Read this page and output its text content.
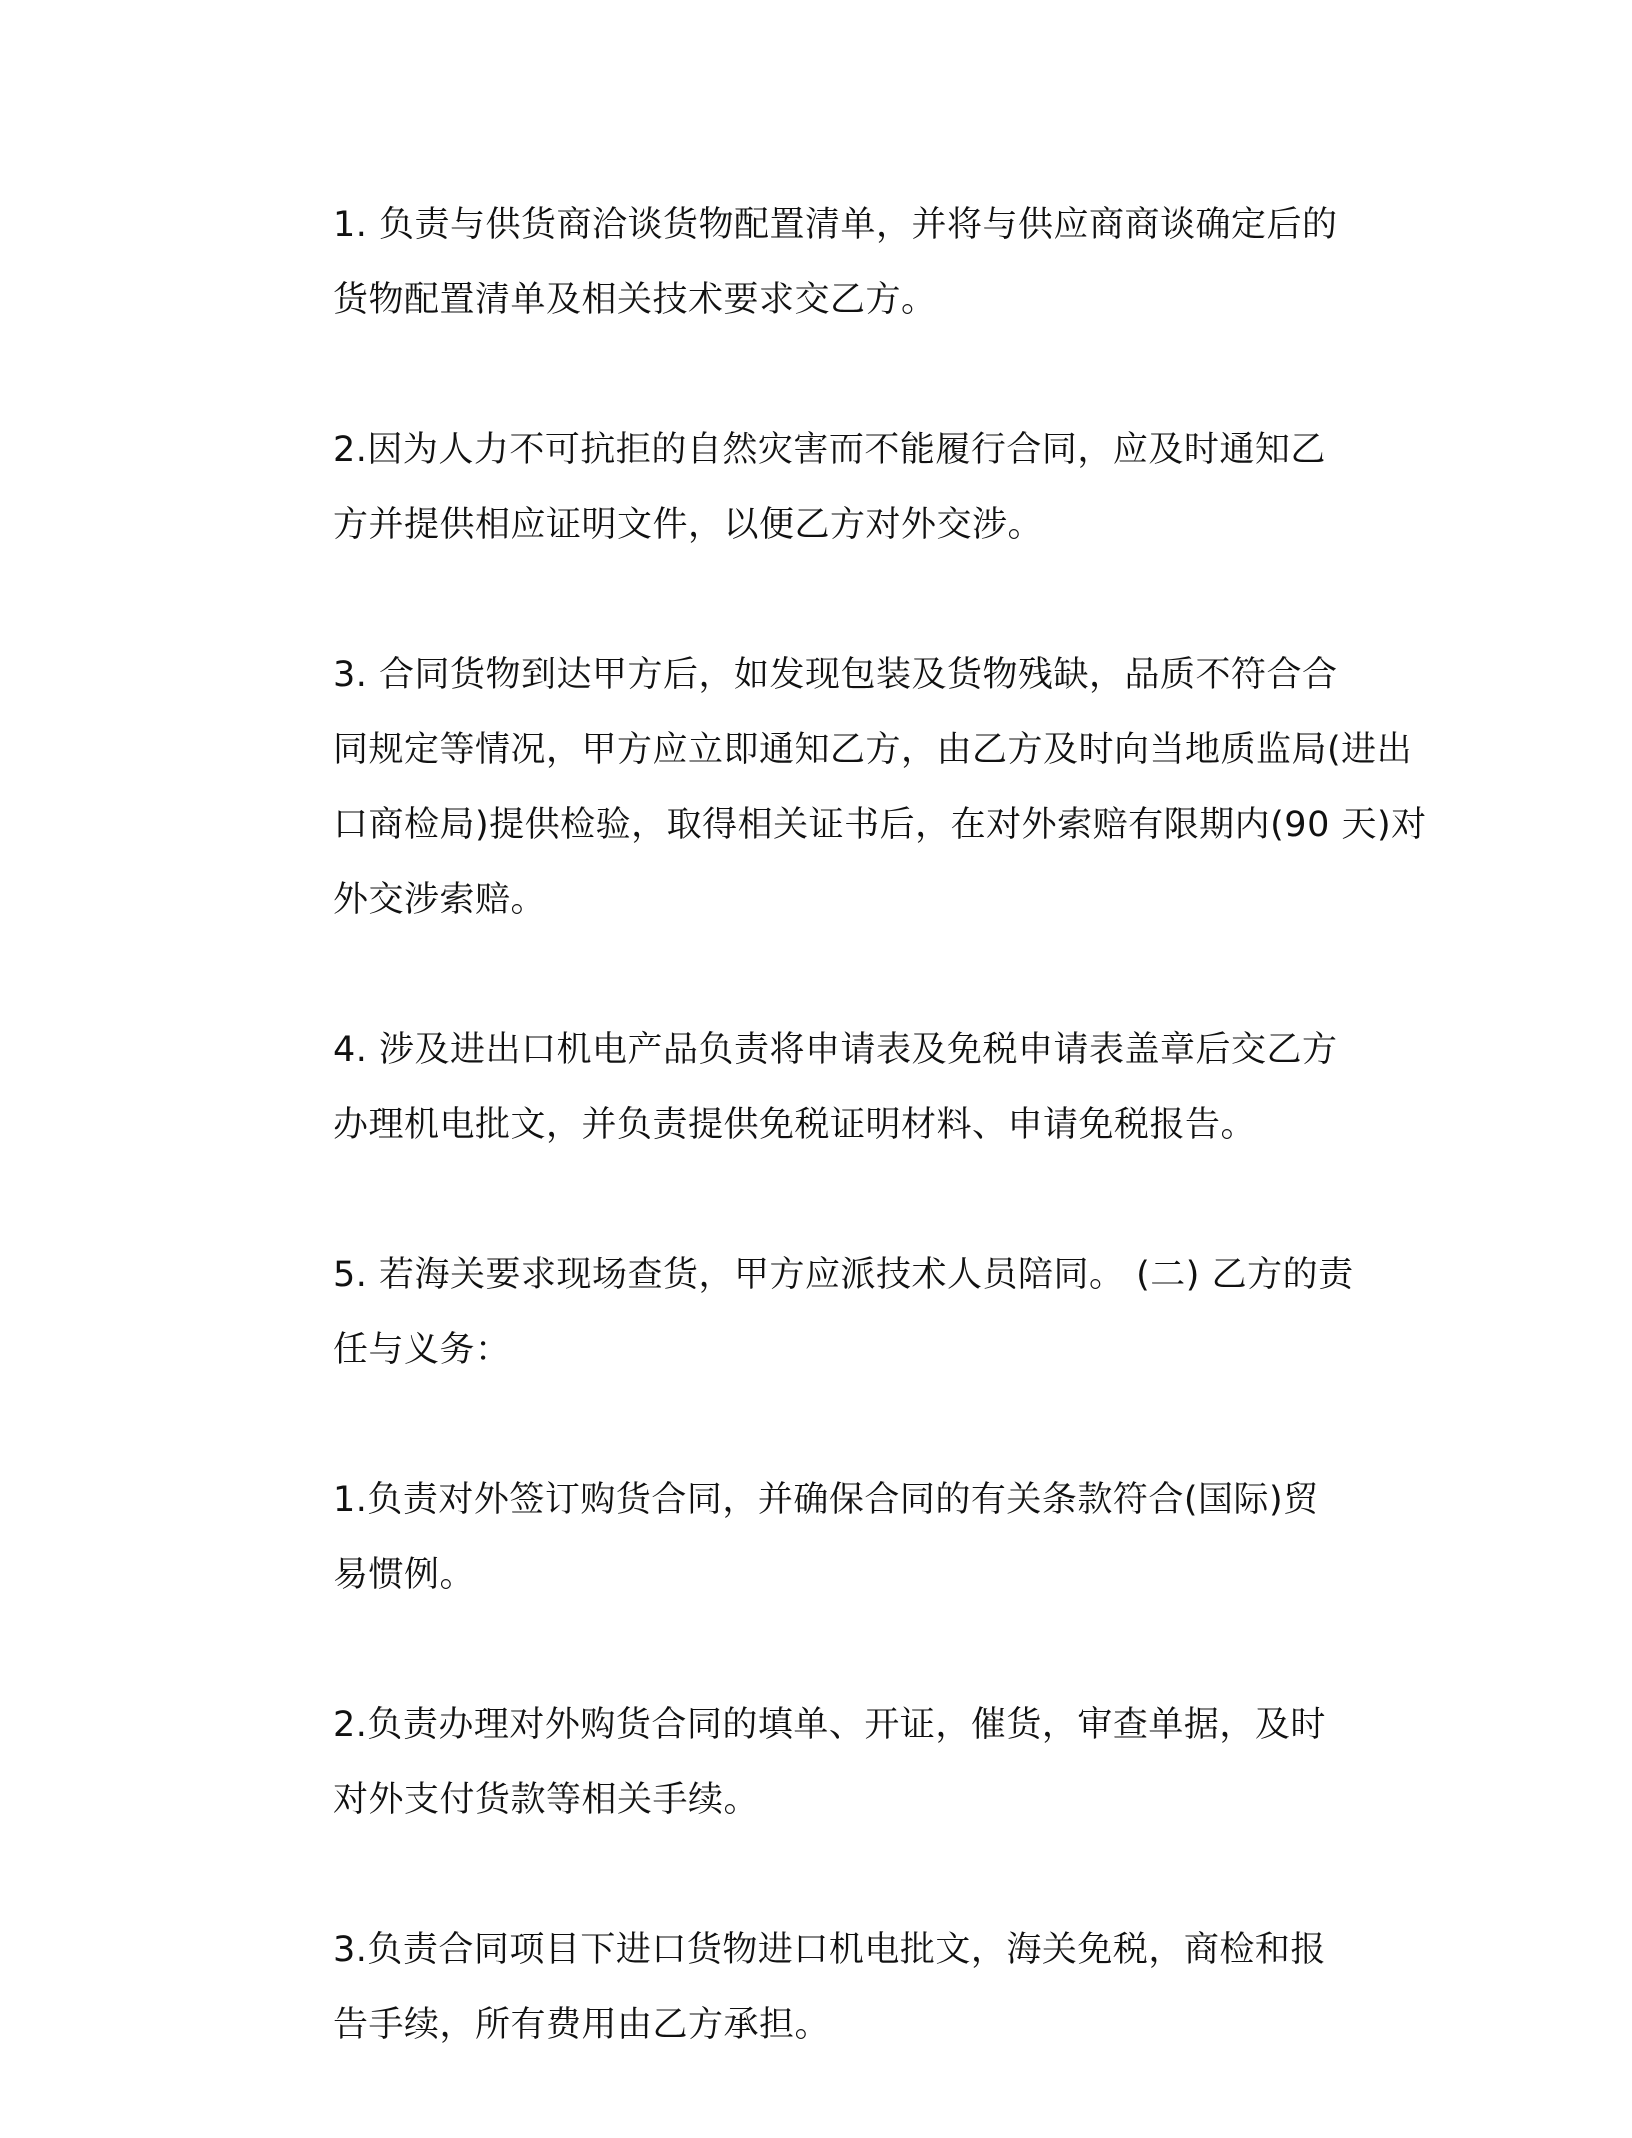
1. 负责与供货商洽谈货物配置清单，并将与供应商商谈确定后的
货物配置清单及相关技术要求交乙方。

2.因为人力不可抗拒的自然灾害而不能履行合同，应及时通知乙
方并提供相应证明文件，以便乙方对外交涉。

3. 合同货物到达甲方后，如发现包装及货物残缺，品质不符合合
同规定等情况，甲方应立即通知乙方，由乙方及时向当地质监局(进出
口商检局)提供检验，取得相关证书后，在对外索赔有限期内(90 天)对
外交涉索赔。

4. 涉及进出口机电产品负责将申请表及免税申请表盖章后交乙方
办理机电批文，并负责提供免税证明材料、申请免税报告。

5. 若海关要求现场查货，甲方应派技术人员陪同。 (二) 乙方的责
任与义务：

1.负责对外签订购货合同，并确保合同的有关条款符合(国际)贸
易惯例。

2.负责办理对外购货合同的填单、开证，催货，审查单据，及时
对外支付货款等相关手续。

3.负责合同项目下进口货物进口机电批文，海关免税，商检和报
告手续，所有费用由乙方承担。
